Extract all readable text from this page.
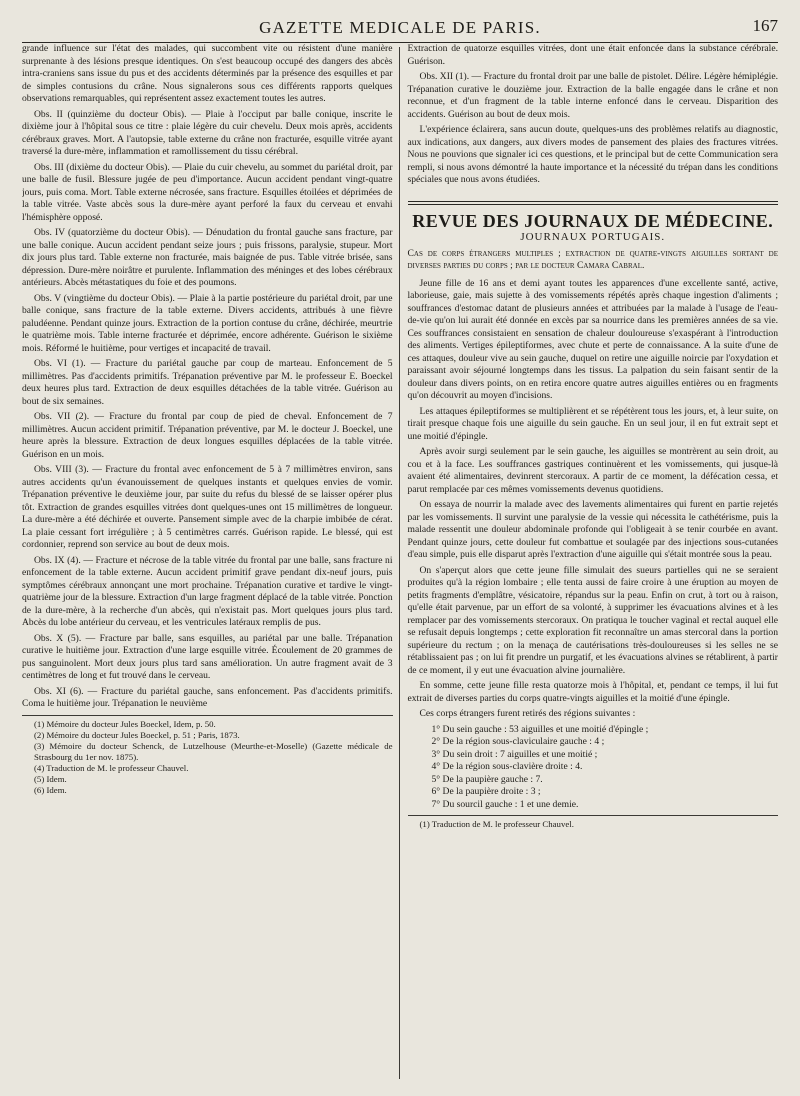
GAZETTE MEDICALE DE PARIS.	167

grande influence sur l'état des malades, qui succombent vite ou résistent d'une manière surprenante à des lésions presque identiques. On s'est beaucoup occupé des dangers des abcès intra-craniens sans issue du pus et des accidents déterminés par la présence des esquilles et par de simples contusions du crâne. Nous signalerons sous ces différents rapports quelques observations remarquables, qui représentent assez exactement toutes les autres.

Obs. II (quinzième du docteur Obis). — Plaie à l'occiput par balle conique, inscrite le dixième jour à l'hôpital sous ce titre : plaie légère du cuir chevelu. Deux mois après, accidents cérébraux graves. Mort. A l'autopsie, table externe du crâne non fracturée, esquille vitrée ayant traversé la dure-mère, inflammation et ramollissement du tissu cérébral.

Obs. III (dixième du docteur Obis). — Plaie du cuir chevelu, au sommet du pariétal droit, par une balle de fusil. Blessure jugée de peu d'importance. Aucun accident pendant vingt-quatre jours, puis coma. Mort. Table externe nécrosée, sans fracture. Esquilles étoilées et déprimées de la table vitrée. Vaste abcès sous la dure-mère ayant perforé la faux du cerveau et envahi l'hémisphère opposé.

Obs. IV (quatorzième du docteur Obis). — Dénudation du frontal gauche sans fracture, par une balle conique. Aucun accident pendant seize jours ; puis frissons, paralysie, stupeur. Mort dix jours plus tard. Table externe non fracturée, mais baignée de pus. Table vitrée brisée, sans dépression. Dure-mère noirâtre et purulente. Inflammation des méninges et des lobes cérébraux antérieurs. Abcès métastatiques du foie et des poumons.

Obs. V (vingtième du docteur Obis). — Plaie à la partie postérieure du pariétal droit, par une balle conique, sans fracture de la table externe. Divers accidents, attribués à une fièvre paludéenne. Pendant quinze jours. Extraction de la portion contuse du crâne, déchirée, meurtrie le quatrième mois. Table interne fracturée et déprimée, encore adhérente. Guérison le sixième mois. Réformé le huitième, pour vertiges et incapacité de travail.

Obs. VI (1). — Fracture du pariétal gauche par coup de marteau. Enfoncement de 5 millimètres. Pas d'accidents primitifs. Trépanation préventive par M. le professeur E. Boeckel deux heures plus tard. Extraction de deux esquilles détachées de la table vitrée. Guérison au bout de six semaines.

Obs. VII (2). — Fracture du frontal par coup de pied de cheval. Enfoncement de 7 millimètres. Aucun accident primitif. Trépanation préventive, par M. le docteur J. Boeckel, une heure après la blessure. Extraction de deux longues esquilles déplacées de la table vitrée. Guérison en un mois.

Obs. VIII (3). — Fracture du frontal avec enfoncement de 5 à 7 millimètres environ, sans autres accidents qu'un évanouissement de quelques instants et quelques envies de vomir. Trépanation préventive le deuxième jour, par suite du refus du blessé de se laisser opérer plus tôt. Extraction de grandes esquilles vitrées dont quelques-unes ont 15 millimètres de longueur. La dure-mère a été déchirée et ouverte. Pansement simple avec de la charpie imbibée de cérat. La plaie cessant fort irrégulière ; à 5 centimètres carrés. Guérison rapide. Le blessé, qui est cordonnier, reprend son service au bout de deux mois.

Obs. IX (4). — Fracture et nécrose de la table vitrée du frontal par une balle, sans fracture ni enfoncement de la table externe. Aucun accident primitif grave pendant dix-neuf jours, puis symptômes cérébraux annonçant une mort prochaine. Trépanation curative et tardive le vingt-quatrième jour de la blessure. Extraction d'un large fragment déplacé de la table vitrée. Ponction de la dure-mère, à la recherche d'un abcès, qui n'existait pas. Mort quelques jours plus tard. Abcès du lobe antérieur du cerveau, et les ventricules latéraux remplis de pus.

Obs. X (5). — Fracture par balle, sans esquilles, au pariétal par une balle. Trépanation curative le huitième jour. Extraction d'une large esquille vitrée. Écoulement de 20 grammes de pus sanguinolent. Mort deux jours plus tard sans amélioration. Un autre fragment avait de 3 centimètres de long et fut trouvé dans le cerveau.

Obs. XI (6). — Fracture du pariétal gauche, sans enfoncement. Pas d'accidents primitifs. Coma le huitième jour. Trépanation le neuvième

(1) Mémoire du docteur Jules Boeckel, Idem, p. 50.
(2) Mémoire du docteur Jules Boeckel, p. 51 ; Paris, 1873.
(3) Mémoire du docteur Schenck, de Lutzelhouse (Meurthe-et-Moselle) (Gazette médicale de Strasbourg du 1er nov. 1875).
(4) Traduction de M. le professeur Chauvel.
(5) Idem.
(6) Idem.

Extraction de quatorze esquilles vitrées, dont une était enfoncée dans la substance cérébrale. Guérison.

Obs. XII (1). — Fracture du frontal droit par une balle de pistolet. Délire. Légère hémiplégie. Trépanation curative le douzième jour. Extraction de la balle engagée dans le crâne et non reconnue, et d'un fragment de la table interne enfoncé dans le cerveau. Disparition des accidents. Guérison au bout de deux mois.

L'expérience éclairera, sans aucun doute, quelques-uns des problèmes relatifs au diagnostic, aux indications, aux dangers, aux divers modes de pansement des plaies des fractures vitrées. Nous ne pouvions que signaler ici ces questions, et le principal but de cette Communication sera rempli, si nous avons démontré la haute importance et la nécessité du trépan dans les conditions spéciales que nous avons étudiées.

REVUE DES JOURNAUX DE MÉDECINE.
JOURNAUX PORTUGAIS.
Cas de corps étrangers multiples ; extraction de quatre-vingts aiguilles sortant de diverses parties du corps ; par le docteur Camara Cabral.

Jeune fille de 16 ans et demi ayant toutes les apparences d'une excellente santé, active, laborieuse, gaie, mais sujette à des vomissements répétés après chaque ingestion d'aliments ; souffrances d'estomac datant de plusieurs années et attribuées par la malade à l'usage de l'eau-de-vie qu'on lui aurait été donnée en excès par sa nourrice dans les premières années de sa vie. Ces souffrances consistaient en sensation de chaleur douloureuse s'exaspérant à l'introduction des aliments. Vertiges épileptiformes, avec chute et perte de connaissance. A la suite d'une de ces attaques, douleur vive au sein gauche, duquel on retire une aiguille noircie par l'oxydation et paraissant avoir séjourné longtemps dans les tissus. La palpation du sein faisant sentir de la douleur dans divers points, on en retira encore quatre autres aiguilles entières ou en fragments qu'on découvrit au moyen d'incisions.

Les attaques épileptiformes se multiplièrent et se répétèrent tous les jours, et, à leur suite, on tirait presque chaque fois une aiguille du sein gauche. En un seul jour, il en fut extrait sept et une moitié d'épingle.

Après avoir surgi seulement par le sein gauche, les aiguilles se montrèrent au sein droit, au cou et à la face. Les souffrances gastriques continuèrent et les vomissements, qui jusque-là avaient été alimentaires, devinrent stercoraux. A partir de ce moment, la défécation cessa, et parut remplacée par ces mêmes vomissements devenus quotidiens.

On essaya de nourrir la malade avec des lavements alimentaires qui furent en partie rejetés par les vomissements. Il survint une paralysie de la vessie qui nécessita le cathétérisme, puis la malade ressentit une douleur abdominale profonde qui l'obligeait à se tenir courbée en avant. Pendant quinze jours, cette douleur fut combattue et soulagée par des injections sous-cutanées d'eau simple, puis elle disparut après l'extraction d'une aiguille qui s'était montrée sous la peau.

On s'aperçut alors que cette jeune fille simulait des sueurs partielles qui ne se seraient produites qu'à la région lombaire ; elle tenta aussi de faire croire à une éruption au moyen de petits fragments d'emplâtre, vésicatoire, répandus sur la peau. Enfin on crut, à tort ou à raison, qu'elle était parvenue, par un effort de sa volonté, à supprimer les évacuations alvines et à les remplacer par des vomissements stercoraux. On pratiqua le toucher vaginal et rectal auquel elle se refusait depuis longtemps ; cette exploration fit reconnaître un amas stercoral dans la portion supérieure du rectum ; on la menaça de cautérisations très-douloureuses si les selles ne se rétablissaient pas ; on lui fit prendre un purgatif, et les évacuations alvines se rétablirent, à partir de ce moment, il y eut une évacuation alvine journalière.

En somme, cette jeune fille resta quatorze mois à l'hôpital, et, pendant ce temps, il lui fut extrait de diverses parties du corps quatre-vingts aiguilles et la moitié d'une épingle.

Ces corps étrangers furent retirés des régions suivantes :

1° Du sein gauche : 53 aiguilles et une moitié d'épingle ;
2° De la région sous-claviculaire gauche : 4 ;
3° Du sein droit : 7 aiguilles et une moitié ;
4° De la région sous-clavière droite : 4.
5° De la paupière gauche : 7.
6° De la paupière droite : 3 ;
7° Du sourcil gauche : 1 et une demie.
(1) Traduction de M. le professeur Chauvel.
